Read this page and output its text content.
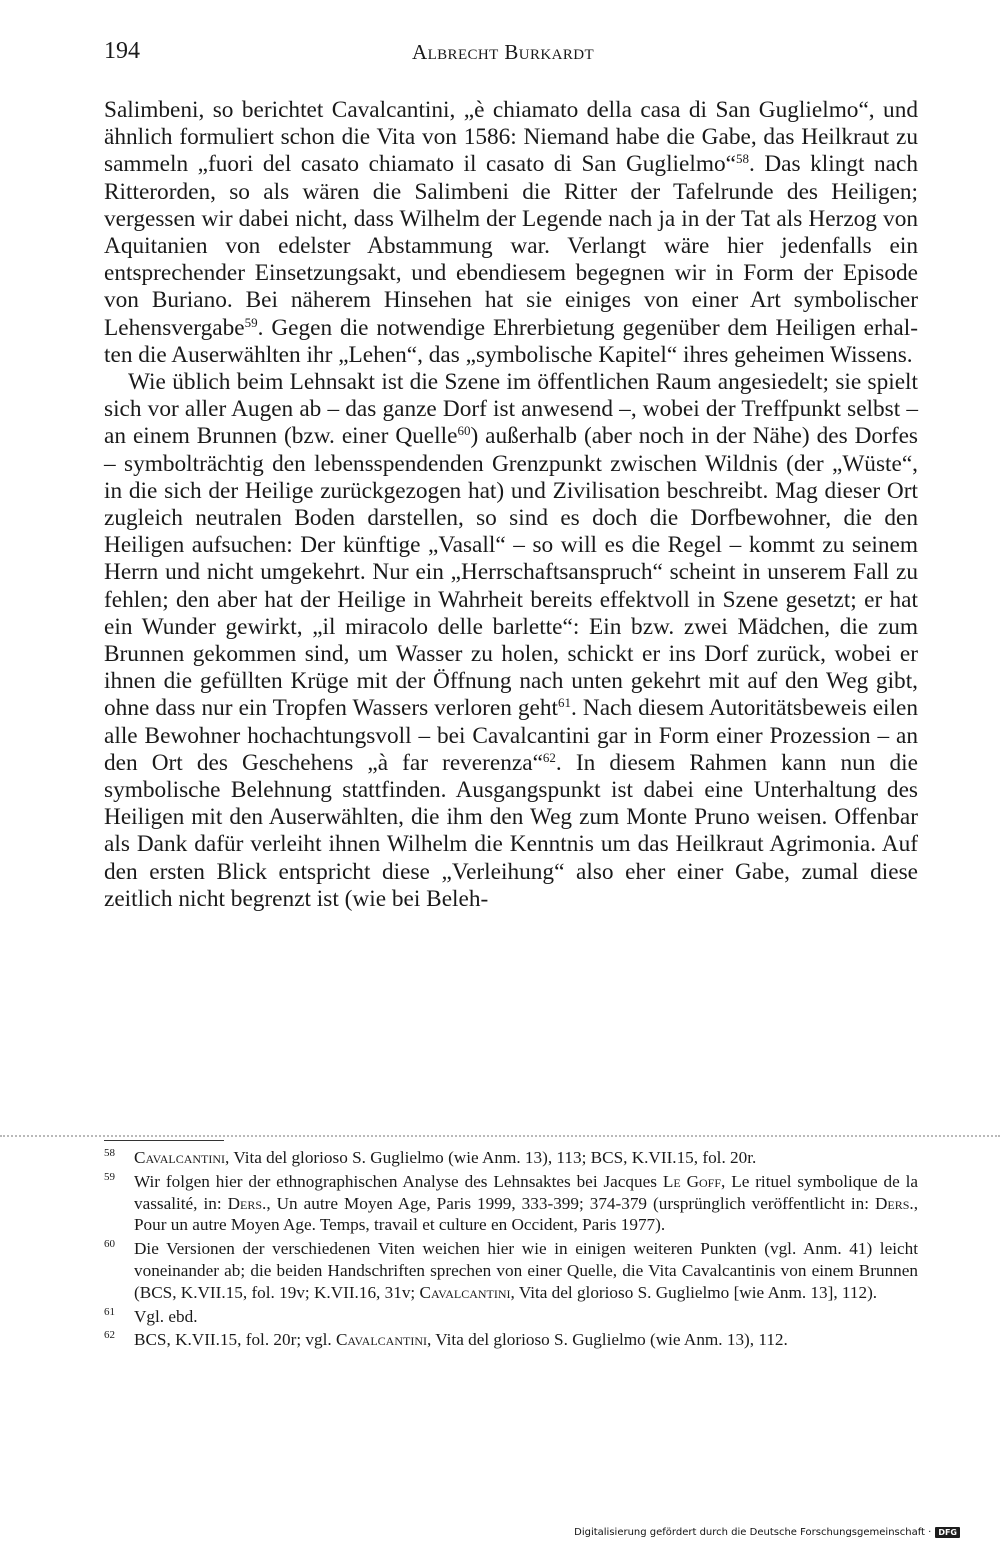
194	Albrecht Burkardt

Salimbeni, so berichtet Cavalcantini, „è chiamato della casa di San Guglielmo“, und ähnlich formuliert schon die Vita von 1586: Niemand habe die Gabe, das Heilkraut zu sammeln „fuori del casato chiamato il casato di San Guglielmo“$^{58}$. Das klingt nach Ritterorden, so als wären die Salimbeni die Ritter der Tafelrunde des Heiligen; vergessen wir dabei nicht, dass Wilhelm der Legende nach ja in der Tat als Herzog von Aquitanien von edelster Abstammung war. Verlangt wäre hier jedenfalls ein entsprechender Einsetzungsakt, und ebendiesem begegnen wir in Form der Episode von Buriano. Bei näherem Hinsehen hat sie einiges von einer Art symbolischer Lehensvergabe$^{59}$. Gegen die notwendige Ehrerbietung gegenüber dem Heiligen erhalten die Auserwählten ihr „Lehen“, das „symbolische Kapitel“ ihres geheimen Wissens.

Wie üblich beim Lehnsakt ist die Szene im öffentlichen Raum angesiedelt; sie spielt sich vor aller Augen ab – das ganze Dorf ist anwesend –, wobei der Treffpunkt selbst – an einem Brunnen (bzw. einer Quelle$^{60}$) außerhalb (aber noch in der Nähe) des Dorfes – symbolträchtig den lebensspendenden Grenzpunkt zwischen Wildnis (der „Wüste“, in die sich der Heilige zurückgezogen hat) und Zivilisation beschreibt. Mag dieser Ort zugleich neutralen Boden darstellen, so sind es doch die Dorfbewohner, die den Heiligen aufsuchen: Der künftige „Vasall“ – so will es die Regel – kommt zu seinem Herrn und nicht umgekehrt. Nur ein „Herrschaftsanspruch“ scheint in unserem Fall zu fehlen; den aber hat der Heilige in Wahrheit bereits effektvoll in Szene gesetzt; er hat ein Wunder gewirkt, „il miracolo delle barlette“: Ein bzw. zwei Mädchen, die zum Brunnen gekommen sind, um Wasser zu holen, schickt er ins Dorf zurück, wobei er ihnen die gefüllten Krüge mit der Öffnung nach unten gekehrt mit auf den Weg gibt, ohne dass nur ein Tropfen Wassers verloren geht$^{61}$. Nach diesem Autoritätsbeweis eilen alle Bewohner hochachtungsvoll – bei Cavalcantini gar in Form einer Prozession – an den Ort des Geschehens „à far reverenza“$^{62}$. In diesem Rahmen kann nun die symbolische Belehnung stattfinden. Ausgangspunkt ist dabei eine Unterhaltung des Heiligen mit den Auserwählten, die ihm den Weg zum Monte Pruno weisen. Offenbar als Dank dafür verleiht ihnen Wilhelm die Kenntnis um das Heilkraut Agrimonia. Auf den ersten Blick entspricht diese „Verleihung“ also eher einer Gabe, zumal diese zeitlich nicht begrenzt ist (wie bei Beleh-

58	Cavalcantini, Vita del glorioso S. Guglielmo (wie Anm. 13), 113; BCS, K.VII.15, fol. 20r.
59	Wir folgen hier der ethnographischen Analyse des Lehnsaktes bei Jacques Le Goff, Le rituel symbolique de la vassalité, in: Ders., Un autre Moyen Age, Paris 1999, 333-399; 374-379 (ursprünglich veröffentlicht in: Ders., Pour un autre Moyen Age. Temps, travail et culture en Occident, Paris 1977).
60	Die Versionen der verschiedenen Viten weichen hier wie in einigen weiteren Punkten (vgl. Anm. 41) leicht voneinander ab; die beiden Handschriften sprechen von einer Quelle, die Vita Cavalcantinis von einem Brunnen (BCS, K.VII.15, fol. 19v; K.VII.16, 31v; Cavalcantini, Vita del glorioso S. Guglielmo [wie Anm. 13], 112).
61	Vgl. ebd.
62	BCS, K.VII.15, fol. 20r; vgl. Cavalcantini, Vita del glorioso S. Guglielmo (wie Anm. 13), 112.
Digitalisierung gefördert durch die Deutsche Forschungsgemeinschaft · DFG
